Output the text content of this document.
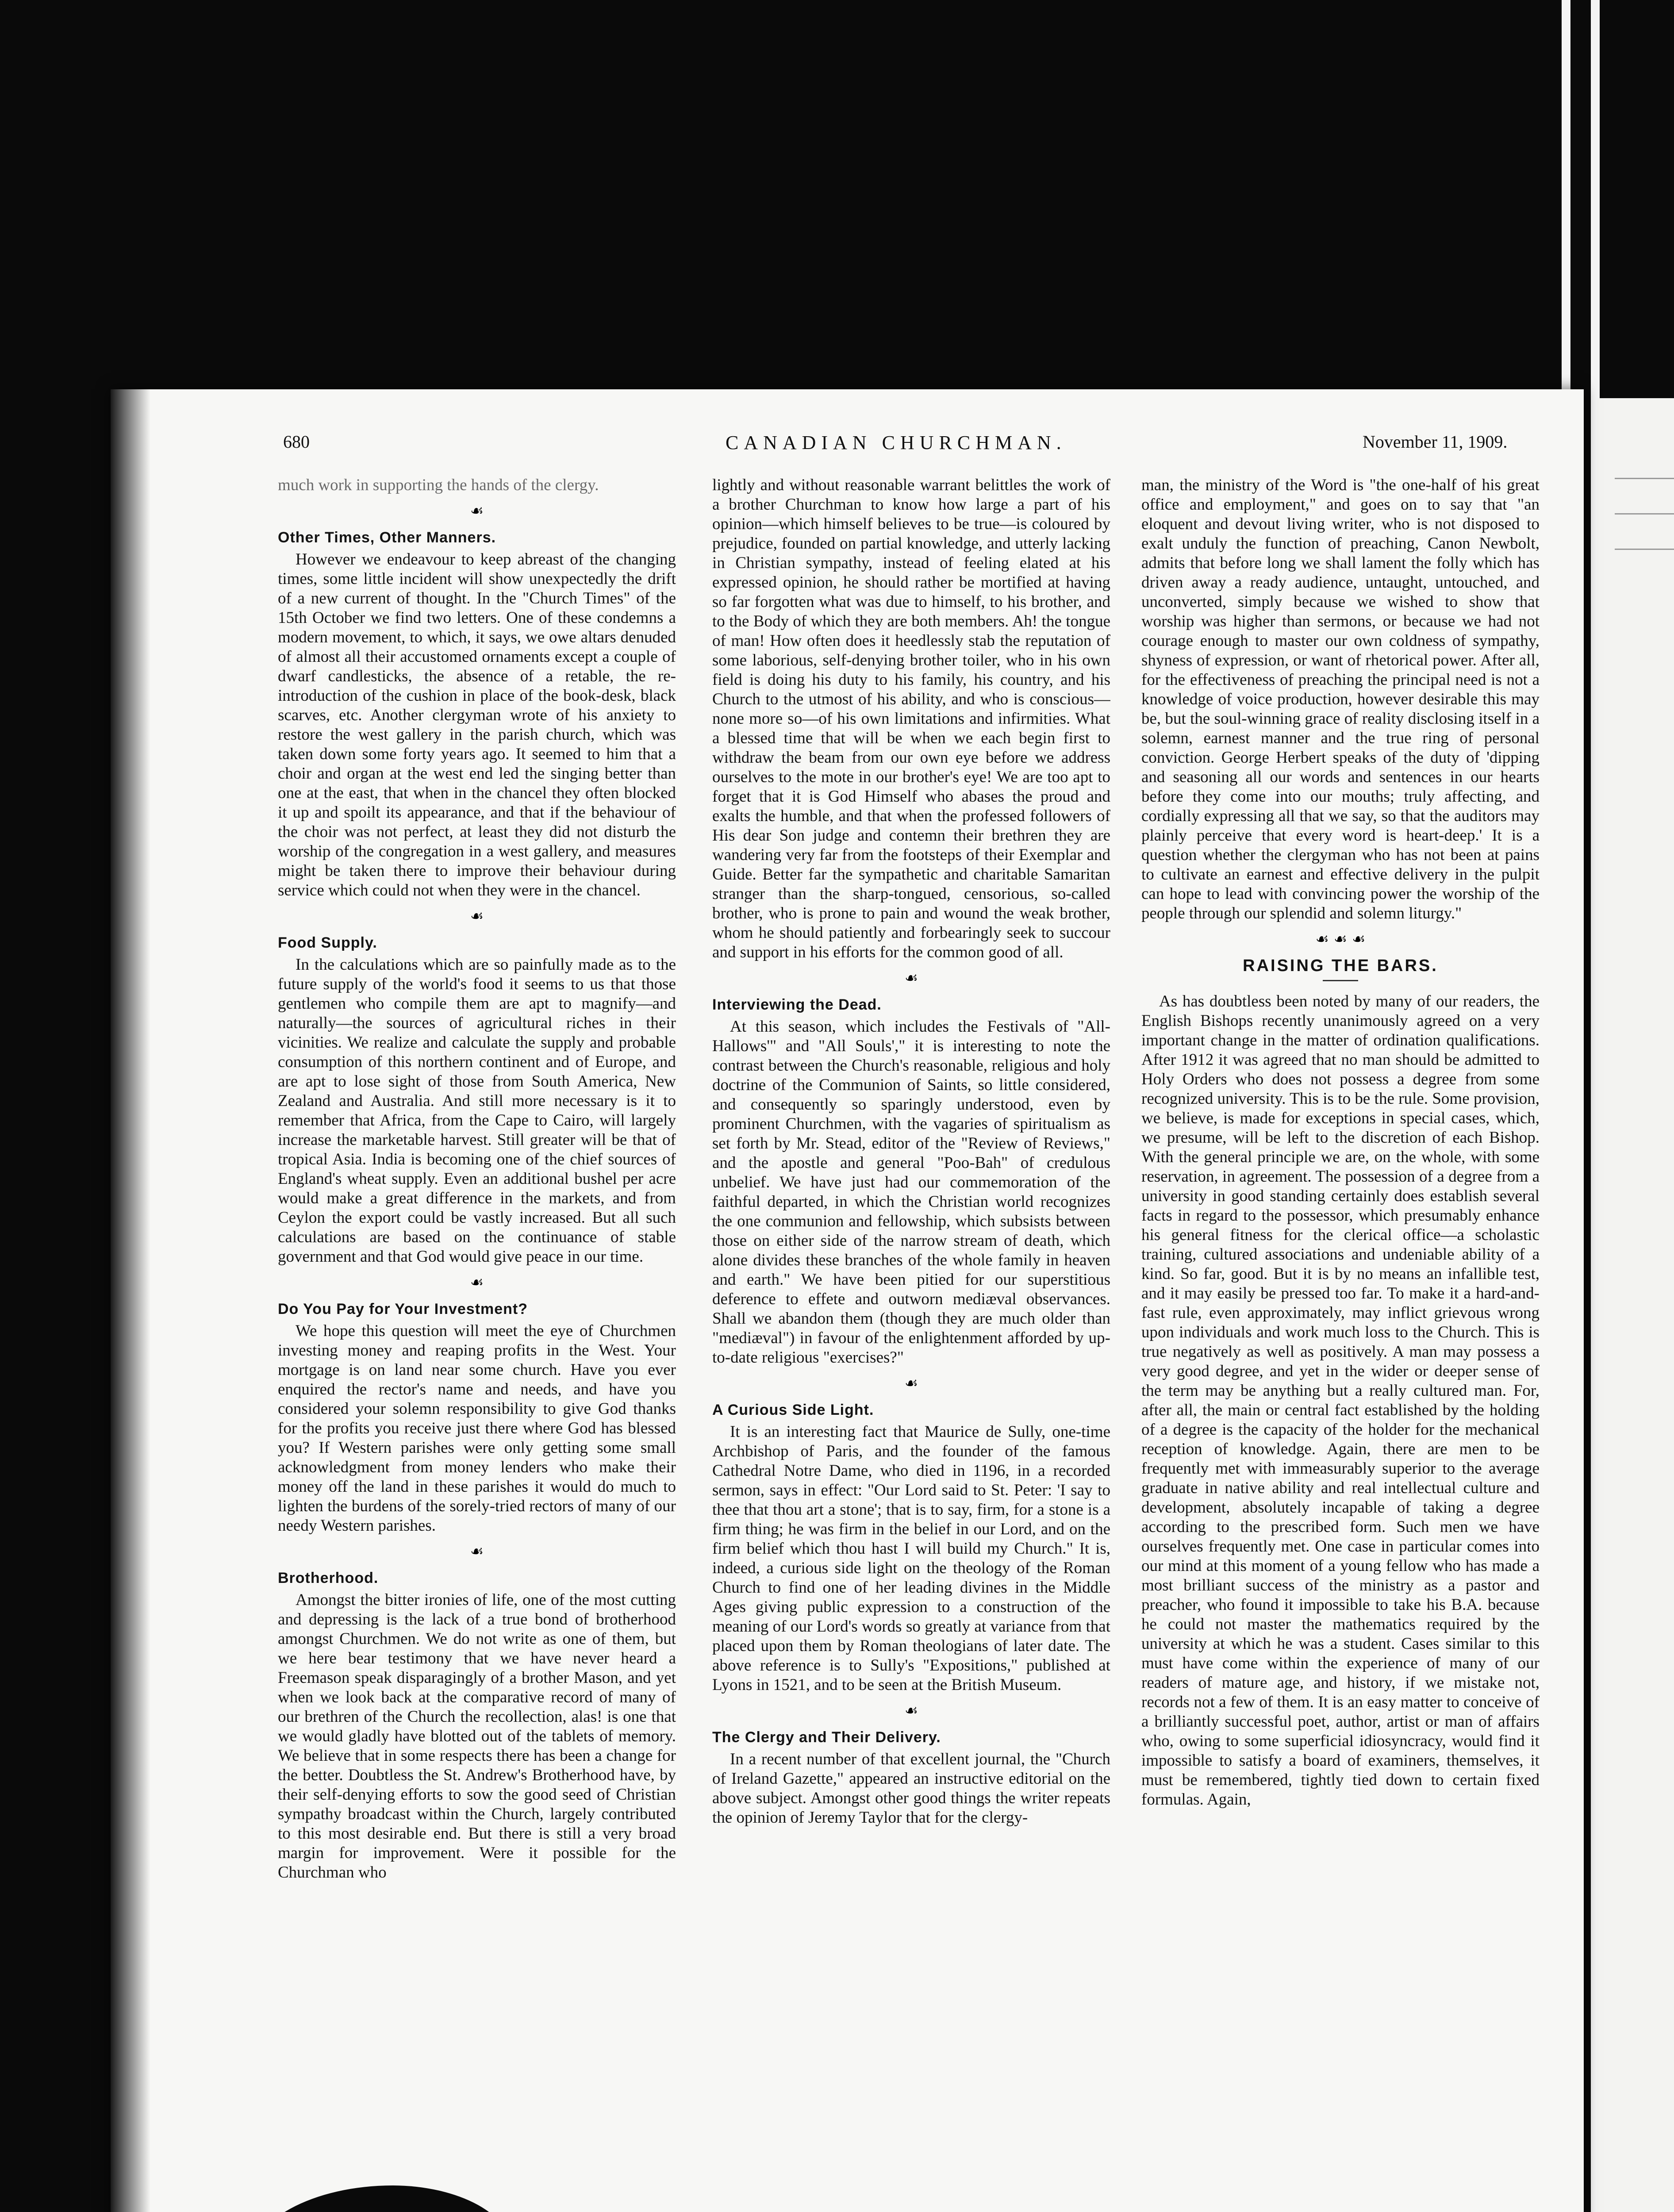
680	CANADIAN CHURCHMAN.	November 11, 1909.

much work in supporting the hands of the clergy.

☙
Other Times, Other Manners.

However we endeavour to keep abreast of the changing times, some little incident will show unexpectedly the drift of a new current of thought. In the "Church Times" of the 15th October we find two letters. One of these condemns a modern movement, to which, it says, we owe altars denuded of almost all their accustomed ornaments except a couple of dwarf candlesticks, the absence of a retable, the re-introduction of the cushion in place of the book-desk, black scarves, etc. Another clergyman wrote of his anxiety to restore the west gallery in the parish church, which was taken down some forty years ago. It seemed to him that a choir and organ at the west end led the singing better than one at the east, that when in the chancel they often blocked it up and spoilt its appearance, and that if the behaviour of the choir was not perfect, at least they did not disturb the worship of the congregation in a west gallery, and measures might be taken there to improve their behaviour during service which could not when they were in the chancel.

☙
Food Supply.

In the calculations which are so painfully made as to the future supply of the world's food it seems to us that those gentlemen who compile them are apt to magnify—and naturally—the sources of agricultural riches in their vicinities. We realize and calculate the supply and probable consumption of this northern continent and of Europe, and are apt to lose sight of those from South America, New Zealand and Australia. And still more necessary is it to remember that Africa, from the Cape to Cairo, will largely increase the marketable harvest. Still greater will be that of tropical Asia. India is becoming one of the chief sources of England's wheat supply. Even an additional bushel per acre would make a great difference in the markets, and from Ceylon the export could be vastly increased. But all such calculations are based on the continuance of stable government and that God would give peace in our time.

☙
Do You Pay for Your Investment?

We hope this question will meet the eye of Churchmen investing money and reaping profits in the West. Your mortgage is on land near some church. Have you ever enquired the rector's name and needs, and have you considered your solemn responsibility to give God thanks for the profits you receive just there where God has blessed you? If Western parishes were only getting some small acknowledgment from money lenders who make their money off the land in these parishes it would do much to lighten the burdens of the sorely-tried rectors of many of our needy Western parishes.

☙
Brotherhood.

Amongst the bitter ironies of life, one of the most cutting and depressing is the lack of a true bond of brotherhood amongst Churchmen. We do not write as one of them, but we here bear testimony that we have never heard a Freemason speak disparagingly of a brother Mason, and yet when we look back at the comparative record of many of our brethren of the Church the recollection, alas! is one that we would gladly have blotted out of the tablets of memory. We believe that in some respects there has been a change for the better. Doubtless the St. Andrew's Brotherhood have, by their self-denying efforts to sow the good seed of Christian sympathy broadcast within the Church, largely contributed to this most desirable end. But there is still a very broad margin for improvement. Were it possible for the Churchman who

lightly and without reasonable warrant belittles the work of a brother Churchman to know how large a part of his opinion—which himself believes to be true—is coloured by prejudice, founded on partial knowledge, and utterly lacking in Christian sympathy, instead of feeling elated at his expressed opinion, he should rather be mortified at having so far forgotten what was due to himself, to his brother, and to the Body of which they are both members. Ah! the tongue of man! How often does it heedlessly stab the reputation of some laborious, self-denying brother toiler, who in his own field is doing his duty to his family, his country, and his Church to the utmost of his ability, and who is conscious—none more so—of his own limitations and infirmities. What a blessed time that will be when we each begin first to withdraw the beam from our own eye before we address ourselves to the mote in our brother's eye! We are too apt to forget that it is God Himself who abases the proud and exalts the humble, and that when the professed followers of His dear Son judge and contemn their brethren they are wandering very far from the footsteps of their Exemplar and Guide. Better far the sympathetic and charitable Samaritan stranger than the sharp-tongued, censorious, so-called brother, who is prone to pain and wound the weak brother, whom he should patiently and forbearingly seek to succour and support in his efforts for the common good of all.

☙
Interviewing the Dead.

At this season, which includes the Festivals of "All-Hallows'" and "All Souls'," it is interesting to note the contrast between the Church's reasonable, religious and holy doctrine of the Communion of Saints, so little considered, and consequently so sparingly understood, even by prominent Churchmen, with the vagaries of spiritualism as set forth by Mr. Stead, editor of the "Review of Reviews," and the apostle and general "Poo-Bah" of credulous unbelief. We have just had our commemoration of the faithful departed, in which the Christian world recognizes the one communion and fellowship, which subsists between those on either side of the narrow stream of death, which alone divides these branches of the whole family in heaven and earth." We have been pitied for our superstitious deference to effete and outworn mediæval observances. Shall we abandon them (though they are much older than "mediæval") in favour of the enlightenment afforded by up-to-date religious "exercises?"

☙
A Curious Side Light.

It is an interesting fact that Maurice de Sully, one-time Archbishop of Paris, and the founder of the famous Cathedral Notre Dame, who died in 1196, in a recorded sermon, says in effect: "Our Lord said to St. Peter: 'I say to thee that thou art a stone'; that is to say, firm, for a stone is a firm thing; he was firm in the belief in our Lord, and on the firm belief which thou hast I will build my Church." It is, indeed, a curious side light on the theology of the Roman Church to find one of her leading divines in the Middle Ages giving public expression to a construction of the meaning of our Lord's words so greatly at variance from that placed upon them by Roman theologians of later date. The above reference is to Sully's "Expositions," published at Lyons in 1521, and to be seen at the British Museum.

☙
The Clergy and Their Delivery.

In a recent number of that excellent journal, the "Church of Ireland Gazette," appeared an instructive editorial on the above subject. Amongst other good things the writer repeats the opinion of Jeremy Taylor that for the clergy-

man, the ministry of the Word is "the one-half of his great office and employment," and goes on to say that "an eloquent and devout living writer, who is not disposed to exalt unduly the function of preaching, Canon Newbolt, admits that before long we shall lament the folly which has driven away a ready audience, untaught, untouched, and unconverted, simply because we wished to show that worship was higher than sermons, or because we had not courage enough to master our own coldness of sympathy, shyness of expression, or want of rhetorical power. After all, for the effectiveness of preaching the principal need is not a knowledge of voice production, however desirable this may be, but the soul-winning grace of reality disclosing itself in a solemn, earnest manner and the true ring of personal conviction. George Herbert speaks of the duty of 'dipping and seasoning all our words and sentences in our hearts before they come into our mouths; truly affecting, and cordially expressing all that we say, so that the auditors may plainly perceive that every word is heart-deep.' It is a question whether the clergyman who has not been at pains to cultivate an earnest and effective delivery in the pulpit can hope to lead with convincing power the worship of the people through our splendid and solemn liturgy."

☙ ☙ ☙
RAISING THE BARS.

As has doubtless been noted by many of our readers, the English Bishops recently unanimously agreed on a very important change in the matter of ordination qualifications. After 1912 it was agreed that no man should be admitted to Holy Orders who does not possess a degree from some recognized university. This is to be the rule. Some provision, we believe, is made for exceptions in special cases, which, we presume, will be left to the discretion of each Bishop. With the general principle we are, on the whole, with some reservation, in agreement. The possession of a degree from a university in good standing certainly does establish several facts in regard to the possessor, which presumably enhance his general fitness for the clerical office—a scholastic training, cultured associations and undeniable ability of a kind. So far, good. But it is by no means an infallible test, and it may easily be pressed too far. To make it a hard-and-fast rule, even approximately, may inflict grievous wrong upon individuals and work much loss to the Church. This is true negatively as well as positively. A man may possess a very good degree, and yet in the wider or deeper sense of the term may be anything but a really cultured man. For, after all, the main or central fact established by the holding of a degree is the capacity of the holder for the mechanical reception of knowledge. Again, there are men to be frequently met with immeasurably superior to the average graduate in native ability and real intellectual culture and development, absolutely incapable of taking a degree according to the prescribed form. Such men we have ourselves frequently met. One case in particular comes into our mind at this moment of a young fellow who has made a most brilliant success of the ministry as a pastor and preacher, who found it impossible to take his B.A. because he could not master the mathematics required by the university at which he was a student. Cases similar to this must have come within the experience of many of our readers of mature age, and history, if we mistake not, records not a few of them. It is an easy matter to conceive of a brilliantly successful poet, author, artist or man of affairs who, owing to some superficial idiosyncracy, would find it impossible to satisfy a board of examiners, themselves, it must be remembered, tightly tied down to certain fixed formulas. Again,
